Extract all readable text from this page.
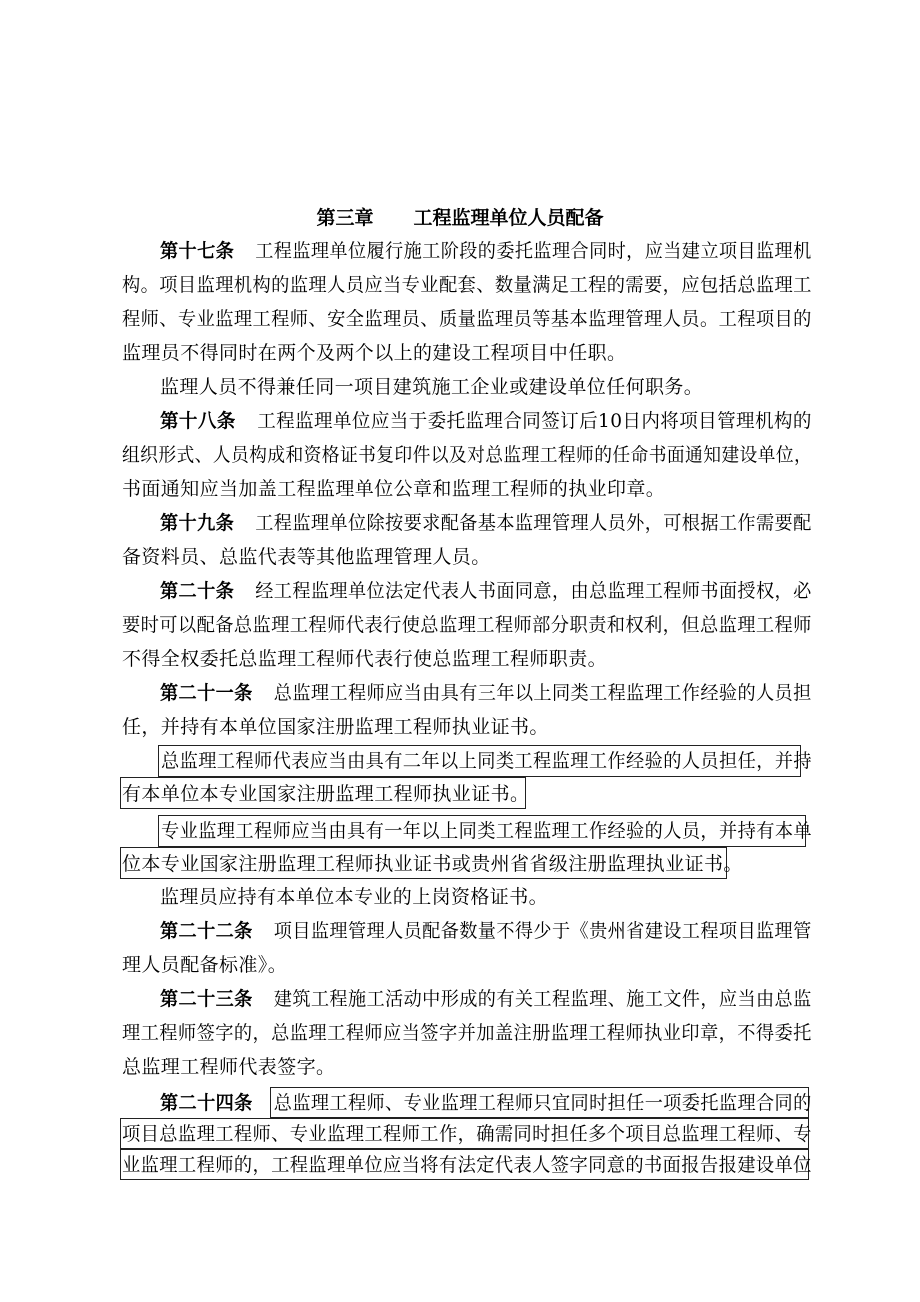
第三章 工程监理单位人员配备
第十七条 工程监理单位履行施工阶段的委托监理合同时，应当建立项目监理机
构。项目监理机构的监理人员应当专业配套、数量满足工程的需要，应包括总监理工
程师、专业监理工程师、安全监理员、质量监理员等基本监理管理人员。工程项目的
监理员不得同时在两个及两个以上的建设工程项目中任职。
监理人员不得兼任同一项目建筑施工企业或建设单位任何职务。
第十八条 工程监理单位应当于委托监理合同签订后10日内将项目管理机构的
组织形式、人员构成和资格证书复印件以及对总监理工程师的任命书面通知建设单位，
书面通知应当加盖工程监理单位公章和监理工程师的执业印章。
第十九条 工程监理单位除按要求配备基本监理管理人员外，可根据工作需要配
备资料员、总监代表等其他监理管理人员。
第二十条 经工程监理单位法定代表人书面同意，由总监理工程师书面授权，必
要时可以配备总监理工程师代表行使总监理工程师部分职责和权利，但总监理工程师
不得全权委托总监理工程师代表行使总监理工程师职责。
第二十一条 总监理工程师应当由具有三年以上同类工程监理工作经验的人员担
任，并持有本单位国家注册监理工程师执业证书。
总监理工程师代表应当由具有二年以上同类工程监理工作经验的人员担任，并持
有本单位本专业国家注册监理工程师执业证书。
专业监理工程师应当由具有一年以上同类工程监理工作经验的人员，并持有本单
位本专业国家注册监理工程师执业证书或贵州省省级注册监理执业证书。
监理员应持有本单位本专业的上岗资格证书。
第二十二条 项目监理管理人员配备数量不得少于《贵州省建设工程项目监理管
理人员配备标准》。
第二十三条 建筑工程施工活动中形成的有关工程监理、施工文件，应当由总监
理工程师签字的，总监理工程师应当签字并加盖注册监理工程师执业印章，不得委托
总监理工程师代表签字。
第二十四条 总监理工程师、专业监理工程师只宜同时担任一项委托监理合同的
项目总监理工程师、专业监理工程师工作，确需同时担任多个项目总监理工程师、专
业监理工程师的，工程监理单位应当将有法定代表人签字同意的书面报告报建设单位
